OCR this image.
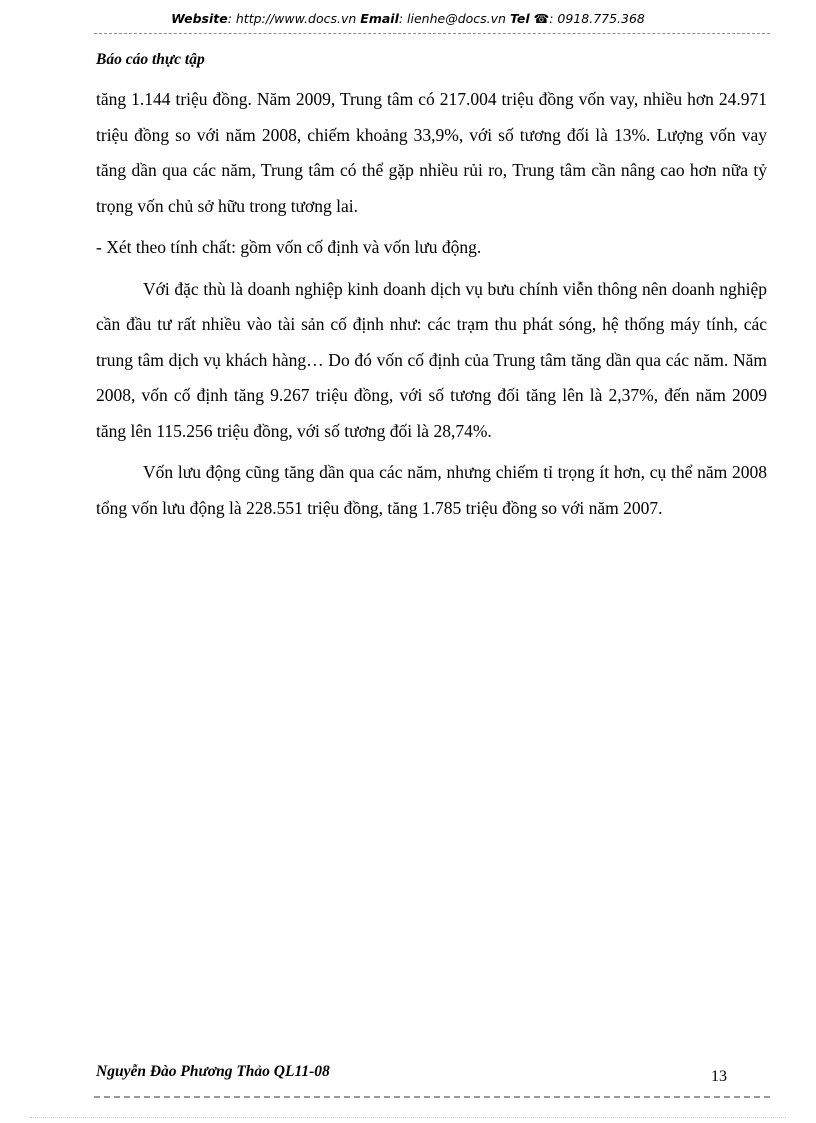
Website: http://www.docs.vn Email: lienhe@docs.vn Tel ☎: 0918.775.368
Báo cáo thực tập

tăng 1.144 triệu đồng. Năm 2009, Trung tâm có 217.004 triệu đồng vốn vay, nhiều hơn 24.971 triệu đồng so với năm 2008, chiếm khoảng 33,9%, với số tương đối là 13%. Lượng vốn vay tăng dần qua các năm, Trung tâm có thể gặp nhiều rủi ro, Trung tâm cần nâng cao hơn nữa tỷ trọng vốn chủ sở hữu trong tương lai.

- Xét theo tính chất: gồm vốn cố định và vốn lưu động.

Với đặc thù là doanh nghiệp kinh doanh dịch vụ bưu chính viễn thông nên doanh nghiệp cần đầu tư rất nhiều vào tài sản cố định như: các trạm thu phát sóng, hệ thống máy tính, các trung tâm dịch vụ khách hàng… Do đó vốn cố định của Trung tâm tăng dần qua các năm. Năm 2008, vốn cố định tăng 9.267 triệu đồng, với số tương đối tăng lên là 2,37%, đến năm 2009 tăng lên 115.256 triệu đồng, với số tương đối là 28,74%.

Vốn lưu động cũng tăng dần qua các năm, nhưng chiếm tỉ trọng ít hơn, cụ thể năm 2008 tổng vốn lưu động là 228.551 triệu đồng, tăng 1.785 triệu đồng so với năm 2007.

Nguyễn Đào Phương Thảo QL11-08	13
